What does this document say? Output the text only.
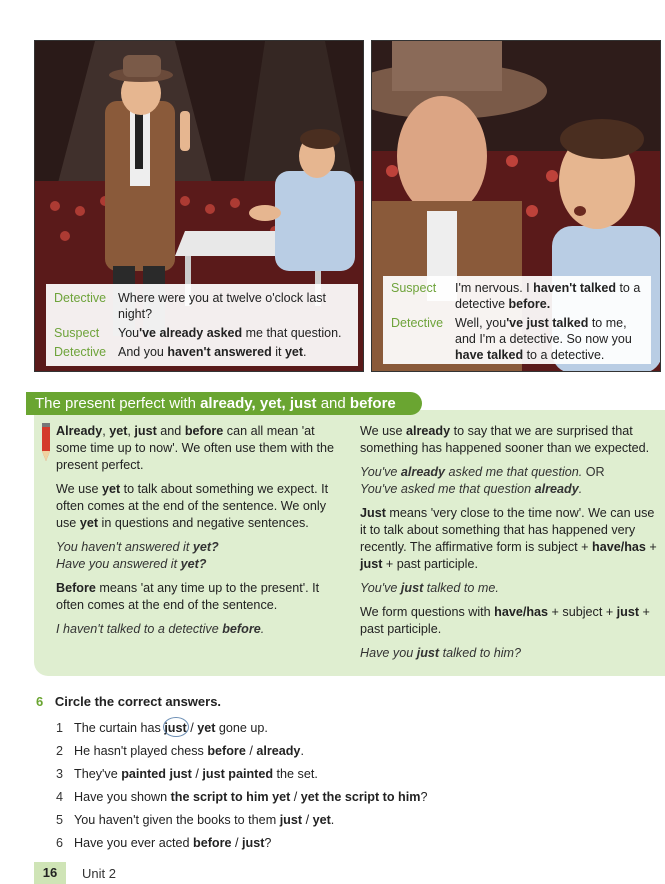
Detective Where were you at twelve o'clock last night?
Suspect	You've already asked me that question.
Detective And you haven't answered it yet.
Suspect	I'm nervous. I haven't talked to a detective before.
Detective Well, you've just talked to me, and I'm a detective. So now you have talked to a detective.
The present perfect with already, yet, just and before
Already, yet, just and before can all mean 'at some time up to now'. We often use them with the present perfect.
We use yet to talk about something we expect. It often comes at the end of the sentence. We only use yet in questions and negative sentences.
You haven't answered it yet?
Have you answered it yet?
Before means 'at any time up to the present'. It often comes at the end of the sentence.
I haven't talked to a detective before.
We use already to say that we are surprised that something has happened sooner than we expected.
You've already asked me that question. OR
You've asked me that question already.
Just means 'very close to the time now'. We can use it to talk about something that has happened very recently. The affirmative form is subject + have/has + just + past participle.
You've just talked to me.
We form questions with have/has + subject + just + past participle.
Have you just talked to him?
6 Circle the correct answers.
1 The curtain has just / yet gone up.
2 He hasn't played chess before / already.
3 They've painted just / just painted the set.
4 Have you shown the script to him yet / yet the script to him?
5 You haven't given the books to them just / yet.
6 Have you ever acted before / just?
16	Unit 2
